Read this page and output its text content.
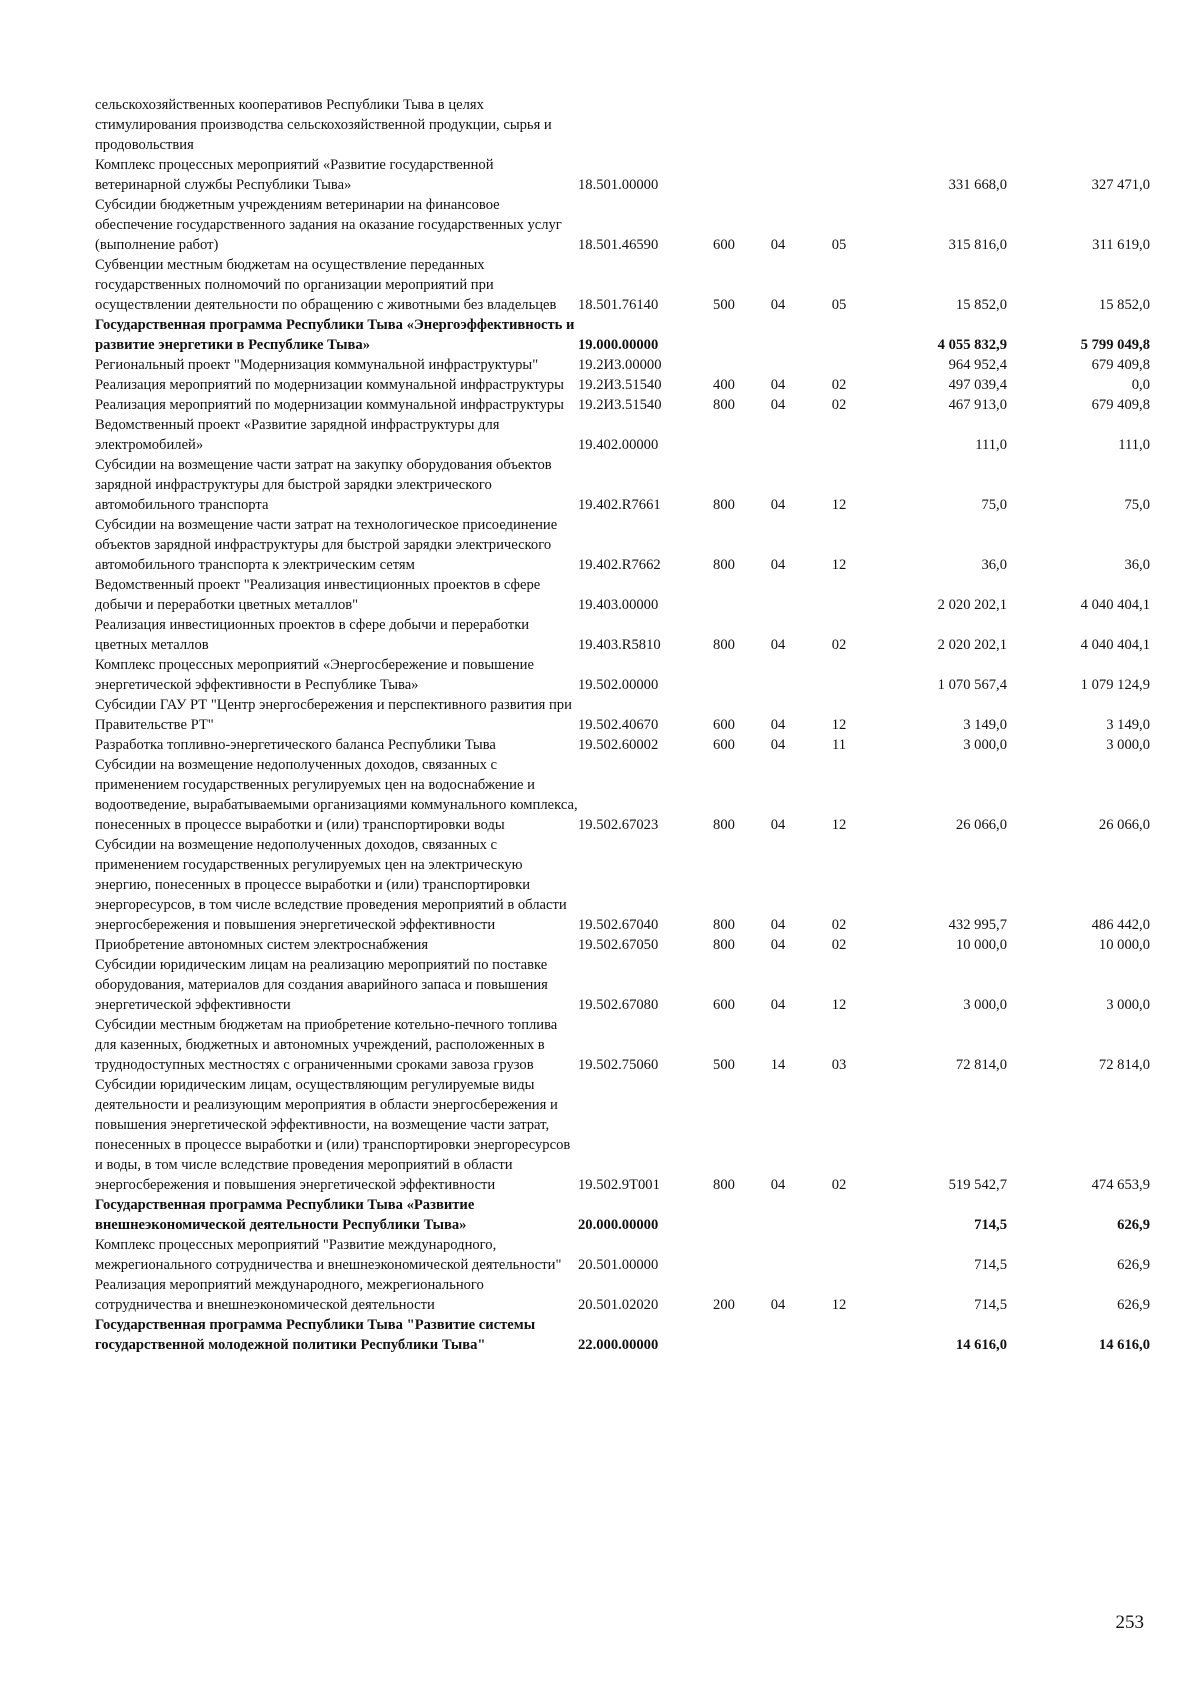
сельскохозяйственных кооперативов Республики Тыва в целях стимулирования производства сельскохозяйственной продукции, сырья и продовольствия						
Комплекс процессных мероприятий «Развитие государственной ветеринарной службы Республики Тыва»	18.501.00000				331 668,0	327 471,0
Субсидии бюджетным учреждениям ветеринарии на финансовое обеспечение государственного задания на оказание государственных услуг (выполнение работ)	18.501.46590	600	04	05	315 816,0	311 619,0
Субвенции местным бюджетам на осуществление переданных государственных полномочий по организации мероприятий при осуществлении деятельности по обращению с животными без владельцев	18.501.76140	500	04	05	15 852,0	15 852,0
Государственная программа Республики Тыва «Энергоэффективность и развитие энергетики в Республике Тыва»	19.000.00000				4 055 832,9	5 799 049,8
Региональный проект "Модернизация коммунальной инфраструктуры"	19.2И3.00000				964 952,4	679 409,8
Реализация мероприятий по модернизации коммунальной инфраструктуры	19.2И3.51540	400	04	02	497 039,4	0,0
Реализация мероприятий по модернизации коммунальной инфраструктуры	19.2И3.51540	800	04	02	467 913,0	679 409,8
Ведомственный проект «Развитие зарядной инфраструктуры для электромобилей»	19.402.00000				111,0	111,0
Субсидии на возмещение части затрат на закупку оборудования объектов зарядной инфраструктуры для быстрой зарядки электрического автомобильного транспорта	19.402.R7661	800	04	12	75,0	75,0
Субсидии на возмещение части затрат на технологическое присоединение объектов зарядной инфраструктуры для быстрой зарядки электрического автомобильного транспорта к электрическим сетям	19.402.R7662	800	04	12	36,0	36,0
Ведомственный проект "Реализация инвестиционных проектов в сфере добычи и переработки цветных металлов"	19.403.00000				2 020 202,1	4 040 404,1
Реализация инвестиционных проектов в сфере добычи и переработки цветных металлов	19.403.R5810	800	04	02	2 020 202,1	4 040 404,1
Комплекс процессных мероприятий «Энергосбережение и повышение энергетической эффективности в Республике Тыва»	19.502.00000				1 070 567,4	1 079 124,9
Субсидии ГАУ РТ "Центр энергосбережения и перспективного развития при Правительстве РТ"	19.502.40670	600	04	12	3 149,0	3 149,0
Разработка топливно-энергетического баланса Республики Тыва	19.502.60002	600	04	11	3 000,0	3 000,0
Субсидии на возмещение недополученных доходов, связанных с применением государственных регулируемых цен на водоснабжение и водоотведение, вырабатываемыми организациями коммунального комплекса, понесенных в процессе выработки и (или) транспортировки воды	19.502.67023	800	04	12	26 066,0	26 066,0
Субсидии на возмещение недополученных доходов, связанных с применением государственных регулируемых цен на электрическую энергию, понесенных в процессе выработки и (или) транспортировки энергоресурсов, в том числе вследствие проведения мероприятий в области энергосбережения и повышения энергетической эффективности	19.502.67040	800	04	02	432 995,7	486 442,0
Приобретение автономных систем электроснабжения	19.502.67050	800	04	02	10 000,0	10 000,0
Субсидии юридическим лицам на реализацию мероприятий по поставке оборудования, материалов для создания аварийного запаса и повышения энергетической эффективности	19.502.67080	600	04	12	3 000,0	3 000,0
Субсидии местным бюджетам на приобретение котельно-печного топлива для казенных, бюджетных и автономных учреждений, расположенных в труднодоступных местностях с ограниченными сроками завоза грузов	19.502.75060	500	14	03	72 814,0	72 814,0
Субсидии юридическим лицам, осуществляющим регулируемые виды деятельности и реализующим мероприятия в области энергосбережения и повышения энергетической эффективности, на возмещение части затрат, понесенных в процессе выработки и (или) транспортировки энергоресурсов и воды, в том числе вследствие проведения мероприятий в области энергосбережения и повышения энергетической эффективности	19.502.9Т001	800	04	02	519 542,7	474 653,9
Государственная программа Республики Тыва «Развитие внешнеэкономической деятельности Республики Тыва»	20.000.00000				714,5	626,9
Комплекс процессных мероприятий "Развитие международного, межрегионального сотрудничества и внешнеэкономической деятельности"	20.501.00000				714,5	626,9
Реализация мероприятий международного, межрегионального сотрудничества и внешнеэкономической деятельности	20.501.02020	200	04	12	714,5	626,9
Государственная программа Республики Тыва "Развитие системы государственной молодежной политики Республики Тыва"	22.000.00000				14 616,0	14 616,0
253
